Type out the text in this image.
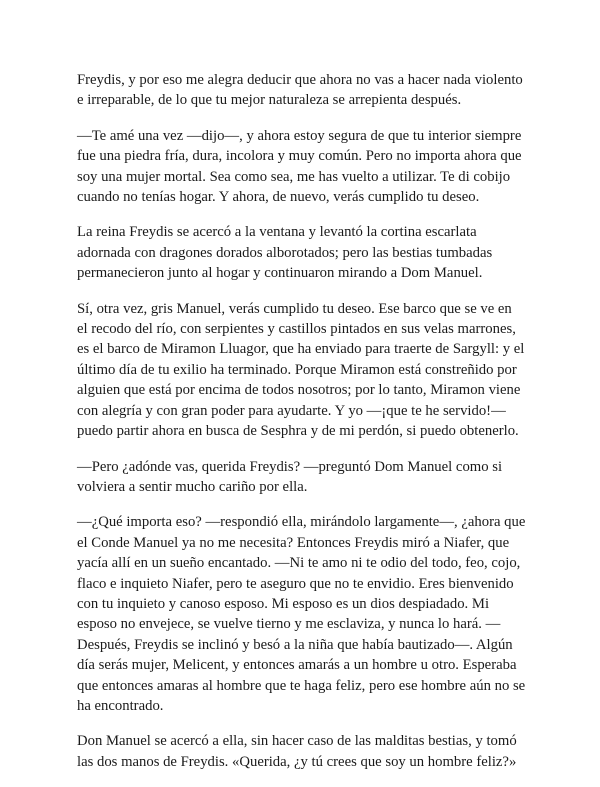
Freydis, y por eso me alegra deducir que ahora no vas a hacer nada violento
e irreparable, de lo que tu mejor naturaleza se arrepienta después.

—Te amé una vez —dijo—, y ahora estoy segura de que tu interior siempre
fue una piedra fría, dura, incolora y muy común. Pero no importa ahora que
soy una mujer mortal. Sea como sea, me has vuelto a utilizar. Te di cobijo
cuando no tenías hogar. Y ahora, de nuevo, verás cumplido tu deseo.

La reina Freydis se acercó a la ventana y levantó la cortina escarlata
adornada con dragones dorados alborotados; pero las bestias tumbadas
permanecieron junto al hogar y continuaron mirando a Dom Manuel.

Sí, otra vez, gris Manuel, verás cumplido tu deseo. Ese barco que se ve en
el recodo del río, con serpientes y castillos pintados en sus velas marrones,
es el barco de Miramon Lluagor, que ha enviado para traerte de Sargyll: y el
último día de tu exilio ha terminado. Porque Miramon está constreñido por
alguien que está por encima de todos nosotros; por lo tanto, Miramon viene
con alegría y con gran poder para ayudarte. Y yo —¡que te he servido!—
puedo partir ahora en busca de Sesphra y de mi perdón, si puedo obtenerlo.

—Pero ¿adónde vas, querida Freydis? —preguntó Dom Manuel como si
volviera a sentir mucho cariño por ella.

—¿Qué importa eso? —respondió ella, mirándolo largamente—, ¿ahora que
el Conde Manuel ya no me necesita? Entonces Freydis miró a Niafer, que
yacía allí en un sueño encantado. —Ni te amo ni te odio del todo, feo, cojo,
flaco e inquieto Niafer, pero te aseguro que no te envidio. Eres bienvenido
con tu inquieto y canoso esposo. Mi esposo es un dios despiadado. Mi
esposo no envejece, se vuelve tierno y me esclaviza, y nunca lo hará. —
Después, Freydis se inclinó y besó a la niña que había bautizado—. Algún
día serás mujer, Melicent, y entonces amarás a un hombre u otro. Esperaba
que entonces amaras al hombre que te haga feliz, pero ese hombre aún no se
ha encontrado.

Don Manuel se acercó a ella, sin hacer caso de las malditas bestias, y tomó
las dos manos de Freydis. «Querida, ¿y tú crees que soy un hombre feliz?»
